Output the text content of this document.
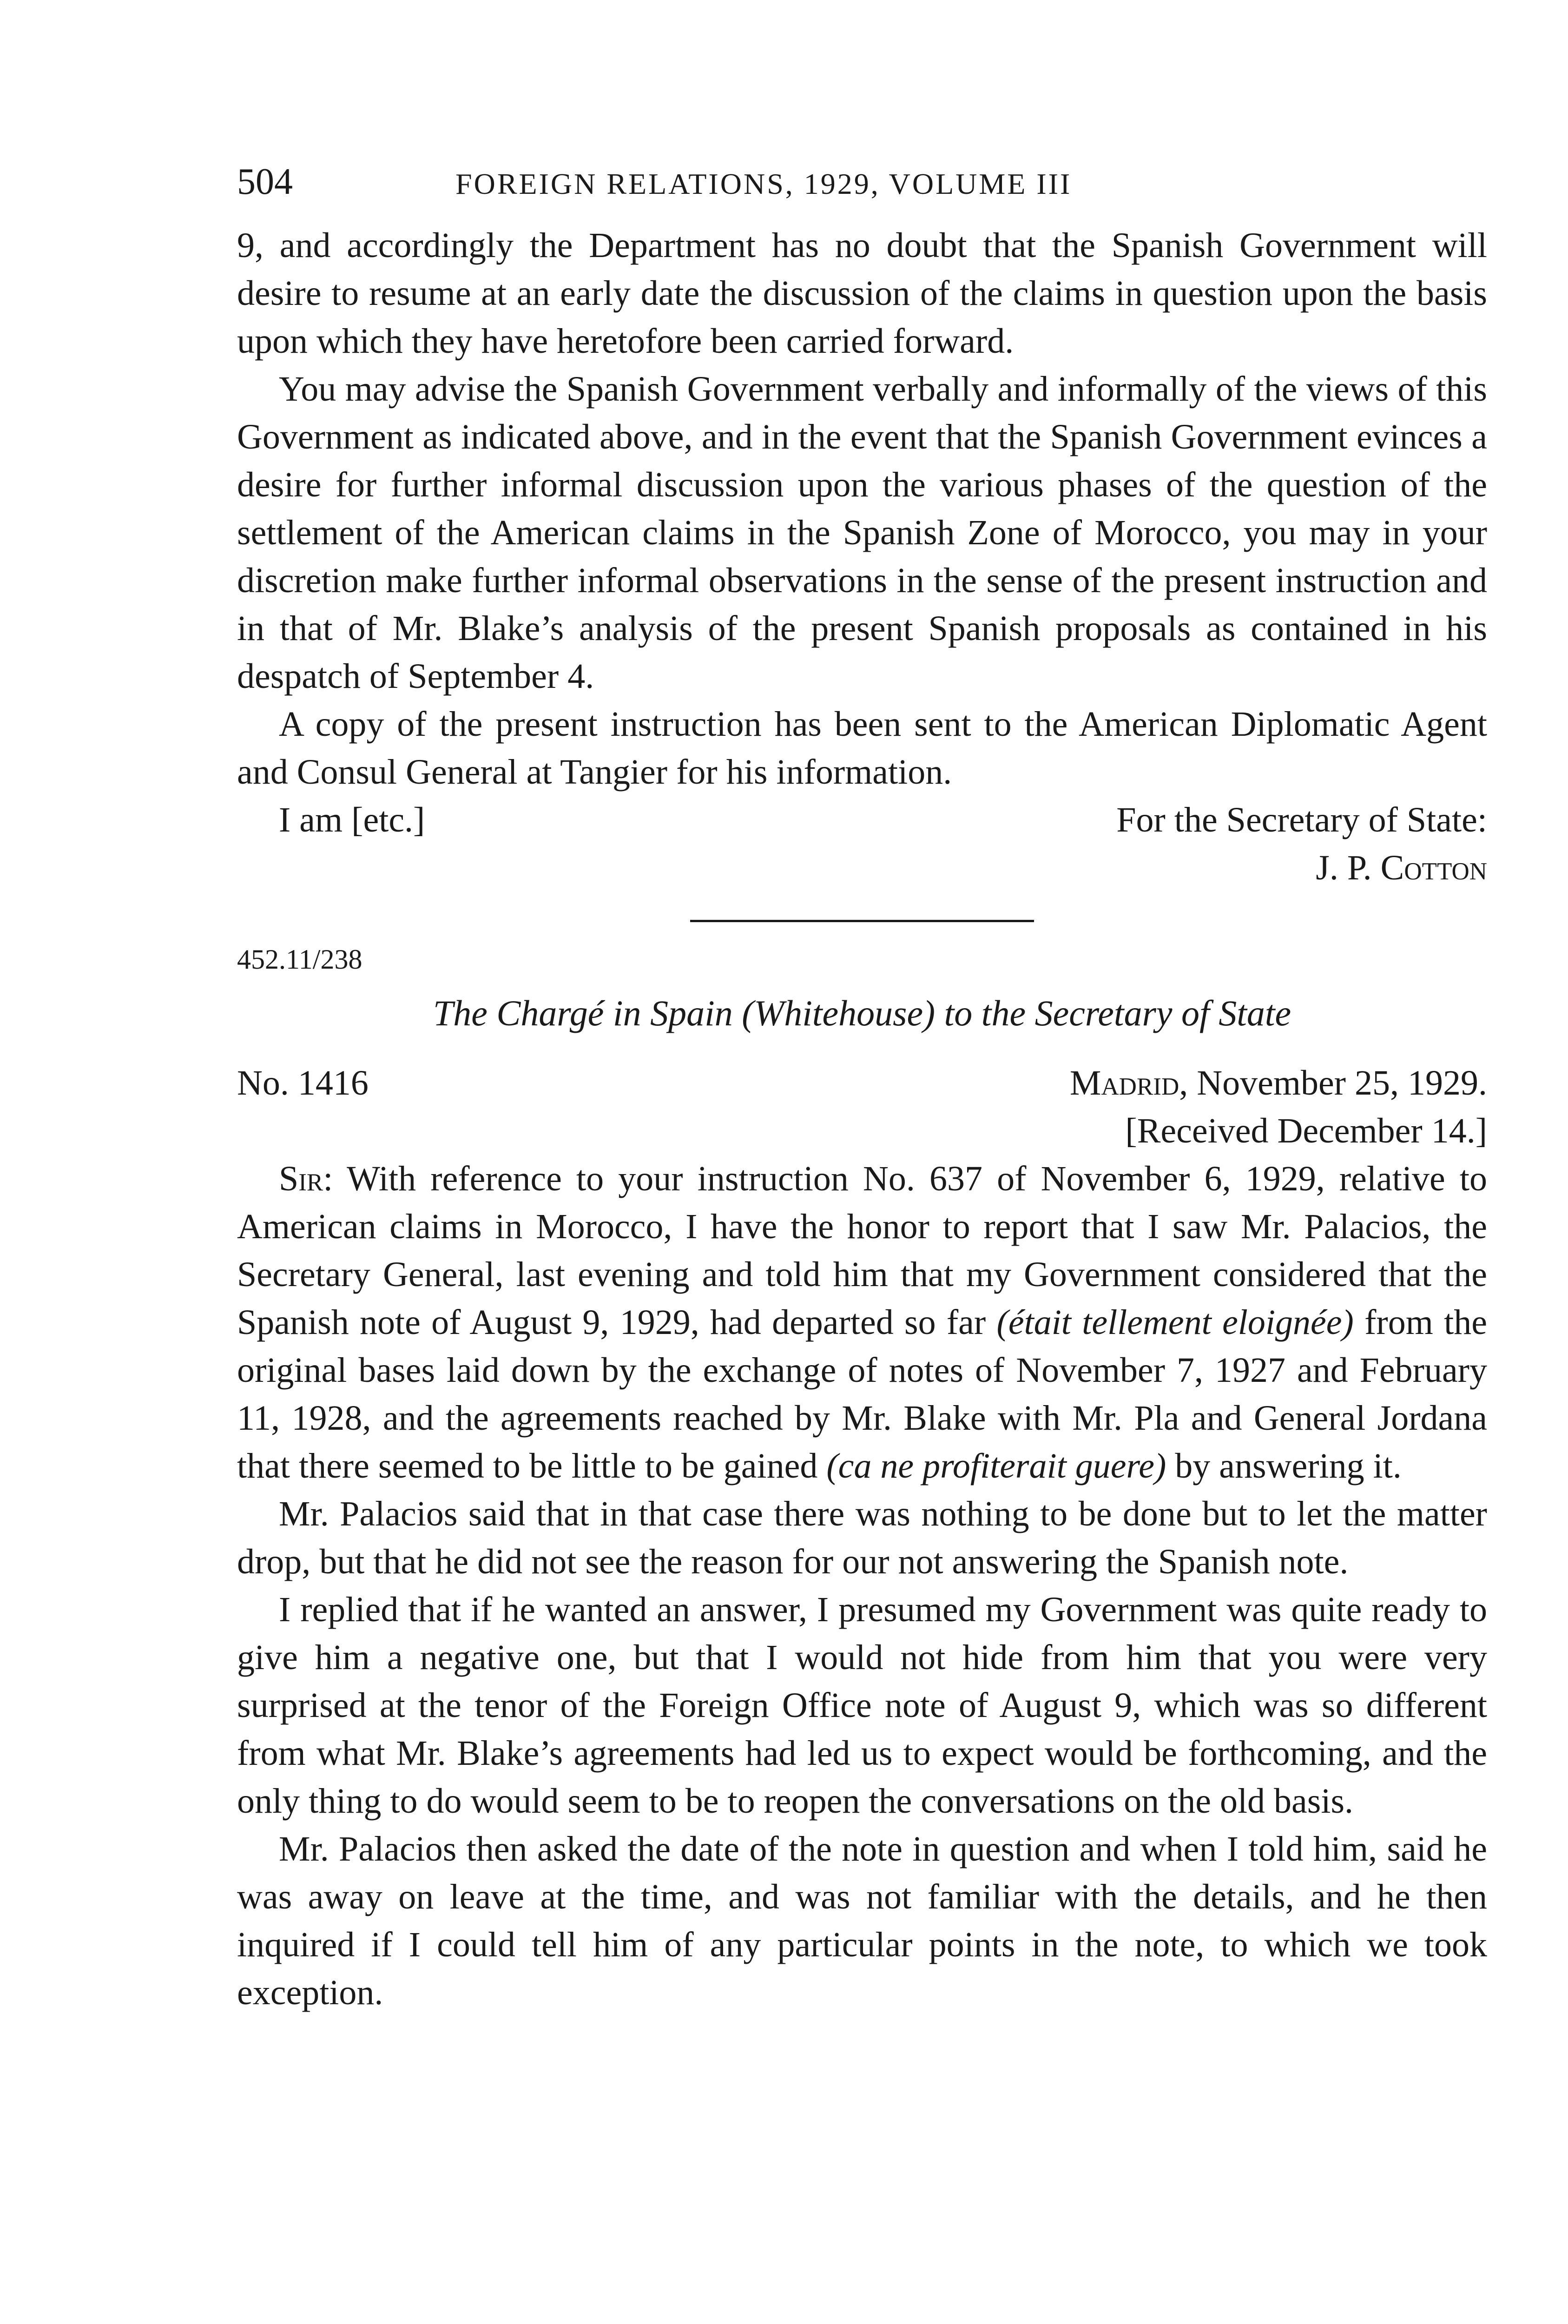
504	FOREIGN RELATIONS, 1929, VOLUME III

9, and accordingly the Department has no doubt that the Spanish Government will desire to resume at an early date the discussion of the claims in question upon the basis upon which they have heretofore been carried forward.

You may advise the Spanish Government verbally and informally of the views of this Government as indicated above, and in the event that the Spanish Government evinces a desire for further informal discussion upon the various phases of the question of the settlement of the American claims in the Spanish Zone of Morocco, you may in your discretion make further informal observations in the sense of the present instruction and in that of Mr. Blake’s analysis of the present Spanish proposals as contained in his despatch of September 4.

A copy of the present instruction has been sent to the American Diplomatic Agent and Consul General at Tangier for his information.

I am [etc.]	For the Secretary of State:
J. P. Cotton
452.11/238
The Chargé in Spain (Whitehouse) to the Secretary of State
No. 1416	Madrid, November 25, 1929.
[Received December 14.]

Sir: With reference to your instruction No. 637 of November 6, 1929, relative to American claims in Morocco, I have the honor to report that I saw Mr. Palacios, the Secretary General, last evening and told him that my Government considered that the Spanish note of August 9, 1929, had departed so far (était tellement eloignée) from the original bases laid down by the exchange of notes of November 7, 1927 and February 11, 1928, and the agreements reached by Mr. Blake with Mr. Pla and General Jordana that there seemed to be little to be gained (ca ne profiterait guere) by answering it.

Mr. Palacios said that in that case there was nothing to be done but to let the matter drop, but that he did not see the reason for our not answering the Spanish note.

I replied that if he wanted an answer, I presumed my Government was quite ready to give him a negative one, but that I would not hide from him that you were very surprised at the tenor of the Foreign Office note of August 9, which was so different from what Mr. Blake’s agreements had led us to expect would be forthcoming, and the only thing to do would seem to be to reopen the conversations on the old basis.

Mr. Palacios then asked the date of the note in question and when I told him, said he was away on leave at the time, and was not familiar with the details, and he then inquired if I could tell him of any particular points in the note, to which we took exception.
